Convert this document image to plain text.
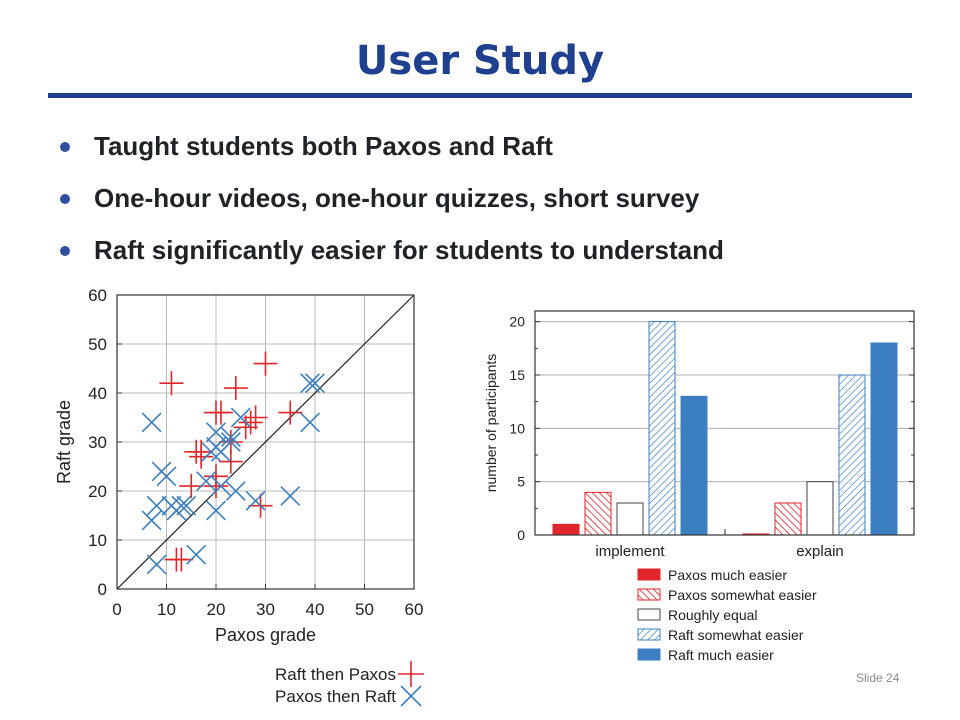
User Study
Taught students both Paxos and Raft
One-hour videos, one-hour quizzes, short survey
Raft significantly easier for students to understand
0 10 20 30 40 50 60
0
10
20
30
40
50
60
Paxos grade
Raft grade
Raft then Paxos
Paxos then Raft
0
5
10
15
20
implement	explain
number of participants
Paxos much easier
Paxos somewhat easier
Roughly equal
Raft somewhat easier
Raft much easier
Slide 24
